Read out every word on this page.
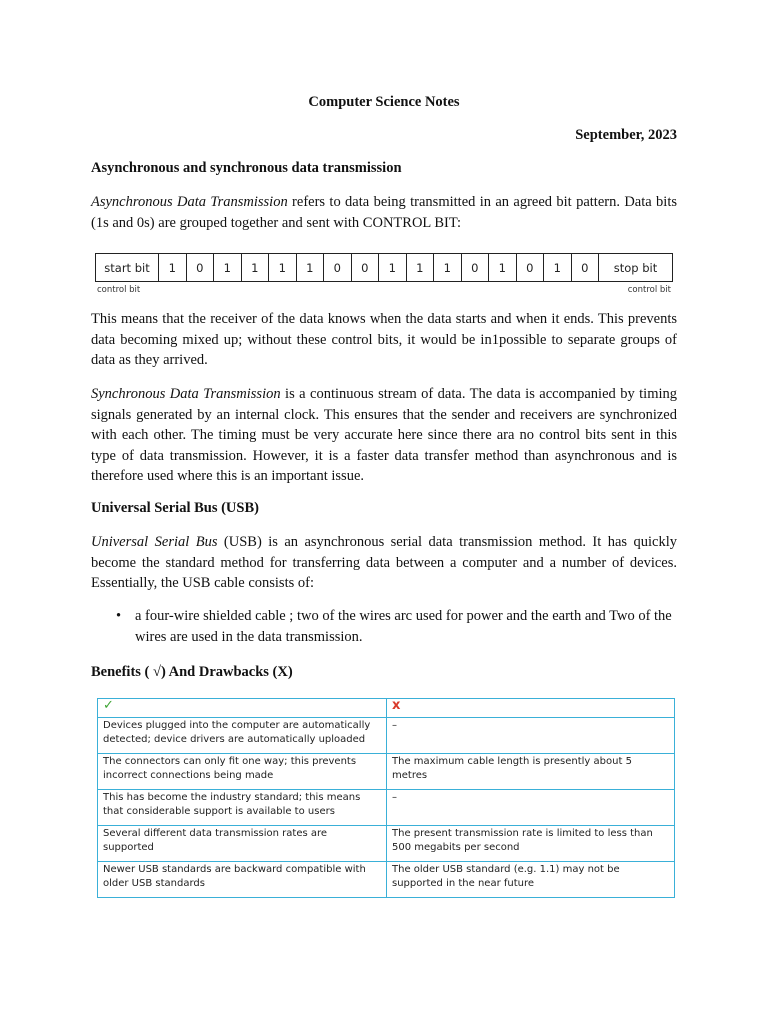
Computer Science Notes
September, 2023
Asynchronous and synchronous data transmission
Asynchronous Data Transmission refers to data being transmitted in an agreed bit pattern. Data bits (1s and 0s) are grouped together and sent with CONTROL BIT:
start bit	1	0	1	1	1	1	0	0	1	1	1	0	1	0	1	0	stop bit
control bit	control bit
This means that the receiver of the data knows when the data starts and when it ends. This prevents data becoming mixed up; without these control bits, it would be in1possible to separate groups of data as they arrived.
Synchronous Data Transmission is a continuous stream of data. The data is accompanied by timing signals generated by an internal clock. This ensures that the sender and receivers are synchronized with each other. The timing must be very accurate here since there ara no control bits sent in this type of data transmission. However, it is a faster data transfer method than asynchronous and is therefore used where this is an important issue.
Universal Serial Bus (USB)
Universal Serial Bus (USB) is an asynchronous serial data transmission method. It has quickly become the standard method for transferring data between a computer and a number of devices. Essentially, the USB cable consists of:
• a four-wire shielded cable ; two of the wires arc used for power and the earth and Two of the wires are used in the data transmission.
Benefits ( √) And Drawbacks (X)
✓	x
Devices plugged into the computer are automatically detected; device drivers are automatically uploaded	–
The connectors can only fit one way; this prevents incorrect connections being made	The maximum cable length is presently about 5 metres
This has become the industry standard; this means that considerable support is available to users	–
Several different data transmission rates are supported	The present transmission rate is limited to less than 500 megabits per second
Newer USB standards are backward compatible with older USB standards	The older USB standard (e.g. 1.1) may not be supported in the near future
